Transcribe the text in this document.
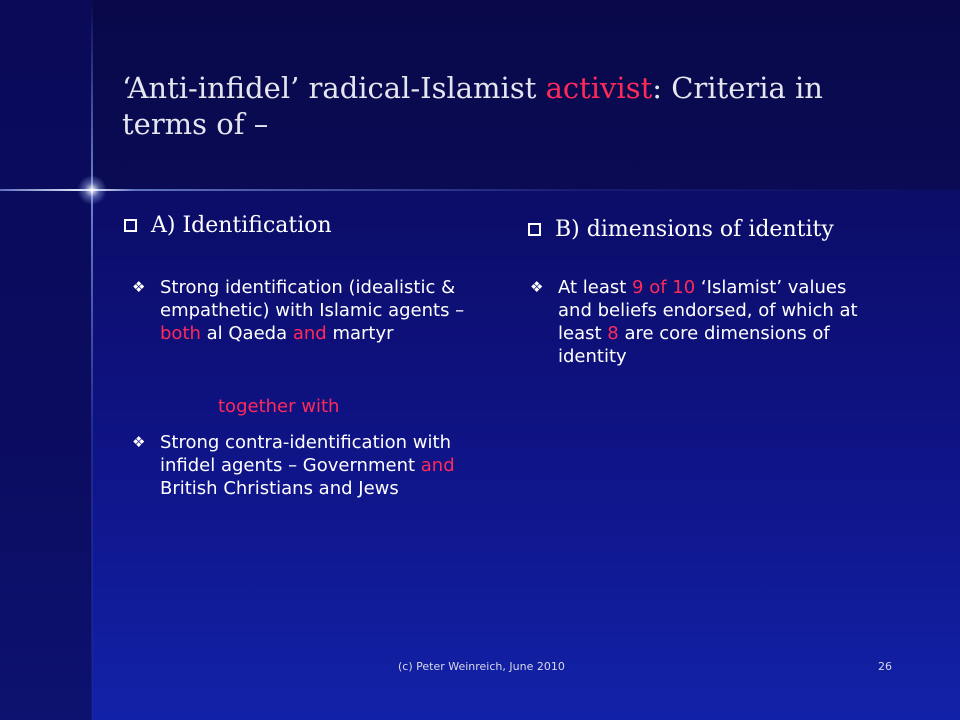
‘Anti-infidel’ radical-Islamist activist: Criteria in terms of –
A) Identification
❖ Strong identification (idealistic & empathetic) with Islamic agents – both al Qaeda and martyr
together with
❖ Strong contra-identification with infidel agents – Government and British Christians and Jews
B) dimensions of identity
❖ At least 9 of 10 ‘Islamist’ values and beliefs endorsed, of which at least 8 are core dimensions of identity
(c) Peter Weinreich, June 2010	26
